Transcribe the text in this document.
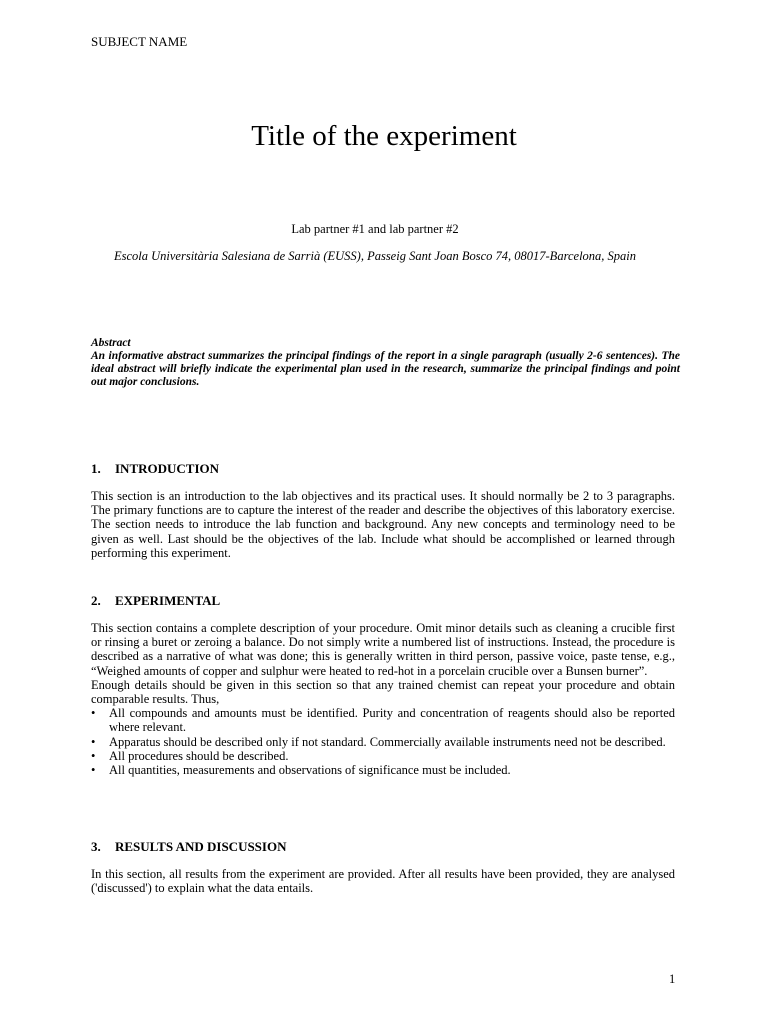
SUBJECT NAME
Title of the experiment
Lab partner #1 and lab partner #2
Escola Universitària Salesiana de Sarrià (EUSS), Passeig Sant Joan Bosco 74, 08017-Barcelona, Spain
Abstract
An informative abstract summarizes the principal findings of the report in a single paragraph (usually 2-6 sentences). The ideal abstract will briefly indicate the experimental plan used in the research, summarize the principal findings and point out major conclusions.
1.	INTRODUCTION
This section is an introduction to the lab objectives and its practical uses. It should normally be 2 to 3 paragraphs. The primary functions are to capture the interest of the reader and describe the objectives of this laboratory exercise. The section needs to introduce the lab function and background. Any new concepts and terminology need to be given as well. Last should be the objectives of the lab. Include what should be accomplished or learned through performing this experiment.
2.	EXPERIMENTAL
This section contains a complete description of your procedure. Omit minor details such as cleaning a crucible first or rinsing a buret or zeroing a balance. Do not simply write a numbered list of instructions. Instead, the procedure is described as a narrative of what was done; this is generally written in third person, passive voice, paste tense, e.g., “Weighed amounts of copper and sulphur were heated to red-hot in a porcelain crucible over a Bunsen burner”.
Enough details should be given in this section so that any trained chemist can repeat your procedure and obtain comparable results. Thus,
• All compounds and amounts must be identified. Purity and concentration of reagents should also be reported where relevant.
• Apparatus should be described only if not standard. Commercially available instruments need not be described.
• All procedures should be described.
• All quantities, measurements and observations of significance must be included.
3.	RESULTS AND DISCUSSION
In this section, all results from the experiment are provided. After all results have been provided, they are analysed ('discussed') to explain what the data entails.
1
